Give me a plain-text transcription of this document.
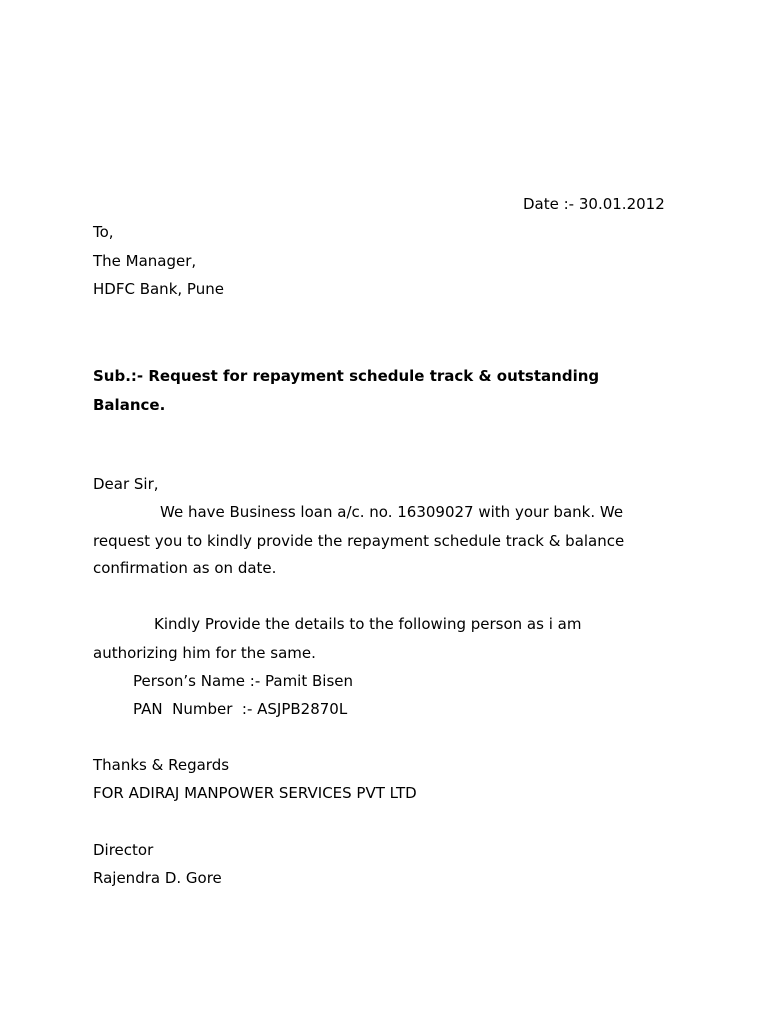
Date :- 30.01.2012
To,
The Manager,
HDFC Bank, Pune
Sub.:- Request for repayment schedule track & outstanding
Balance.
Dear Sir,
We have Business loan a/c. no. 16309027 with your bank. We
request you to kindly provide the repayment schedule track & balance
confirmation as on date.
Kindly Provide the details to the following person as i am
authorizing him for the same.
Person’s Name :- Pamit Bisen
PAN  Number  :- ASJPB2870L
Thanks & Regards
FOR ADIRAJ MANPOWER SERVICES PVT LTD
Director
Rajendra D. Gore
